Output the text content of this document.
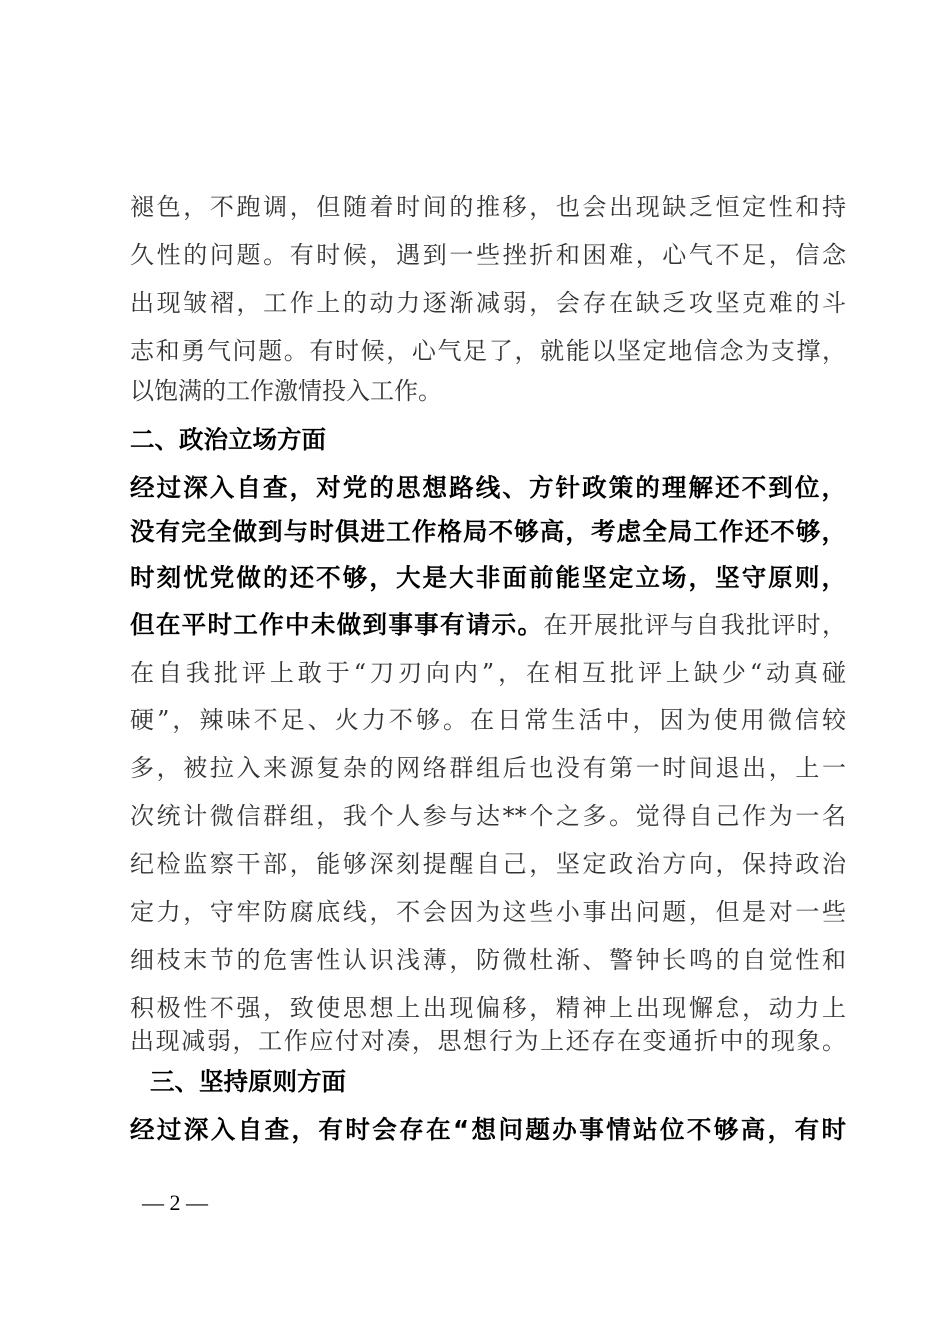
褪色，不跑调，但随着时间的推移，也会出现缺乏恒定性和持
久性的问题。有时候，遇到一些挫折和困难，心气不足，信念
出现皱褶，工作上的动力逐渐减弱，会存在缺乏攻坚克难的斗
志和勇气问题。有时候，心气足了，就能以坚定地信念为支撑，
以饱满的工作激情投入工作。
二、政治立场方面
经过深入自查，对党的思想路线、方针政策的理解还不到位，
没有完全做到与时俱进工作格局不够高，考虑全局工作还不够，
时刻忧党做的还不够，大是大非面前能坚定立场，坚守原则，
但在平时工作中未做到事事有请示。在开展批评与自我批评时，
在自我批评上敢于“刀刃向内”，在相互批评上缺少“动真碰
硬”，辣味不足、火力不够。在日常生活中，因为使用微信较
多，被拉入来源复杂的网络群组后也没有第一时间退出，上一
次统计微信群组，我个人参与达**个之多。觉得自己作为一名
纪检监察干部，能够深刻提醒自己，坚定政治方向，保持政治
定力，守牢防腐底线，不会因为这些小事出问题，但是对一些
细枝末节的危害性认识浅薄，防微杜渐、警钟长鸣的自觉性和
积极性不强，致使思想上出现偏移，精神上出现懈怠，动力上
出现减弱，工作应付对凑，思想行为上还存在变通折中的现象。
三、坚持原则方面
经过深入自查，有时会存在“想问题办事情站位不够高，有时
— 2 —
